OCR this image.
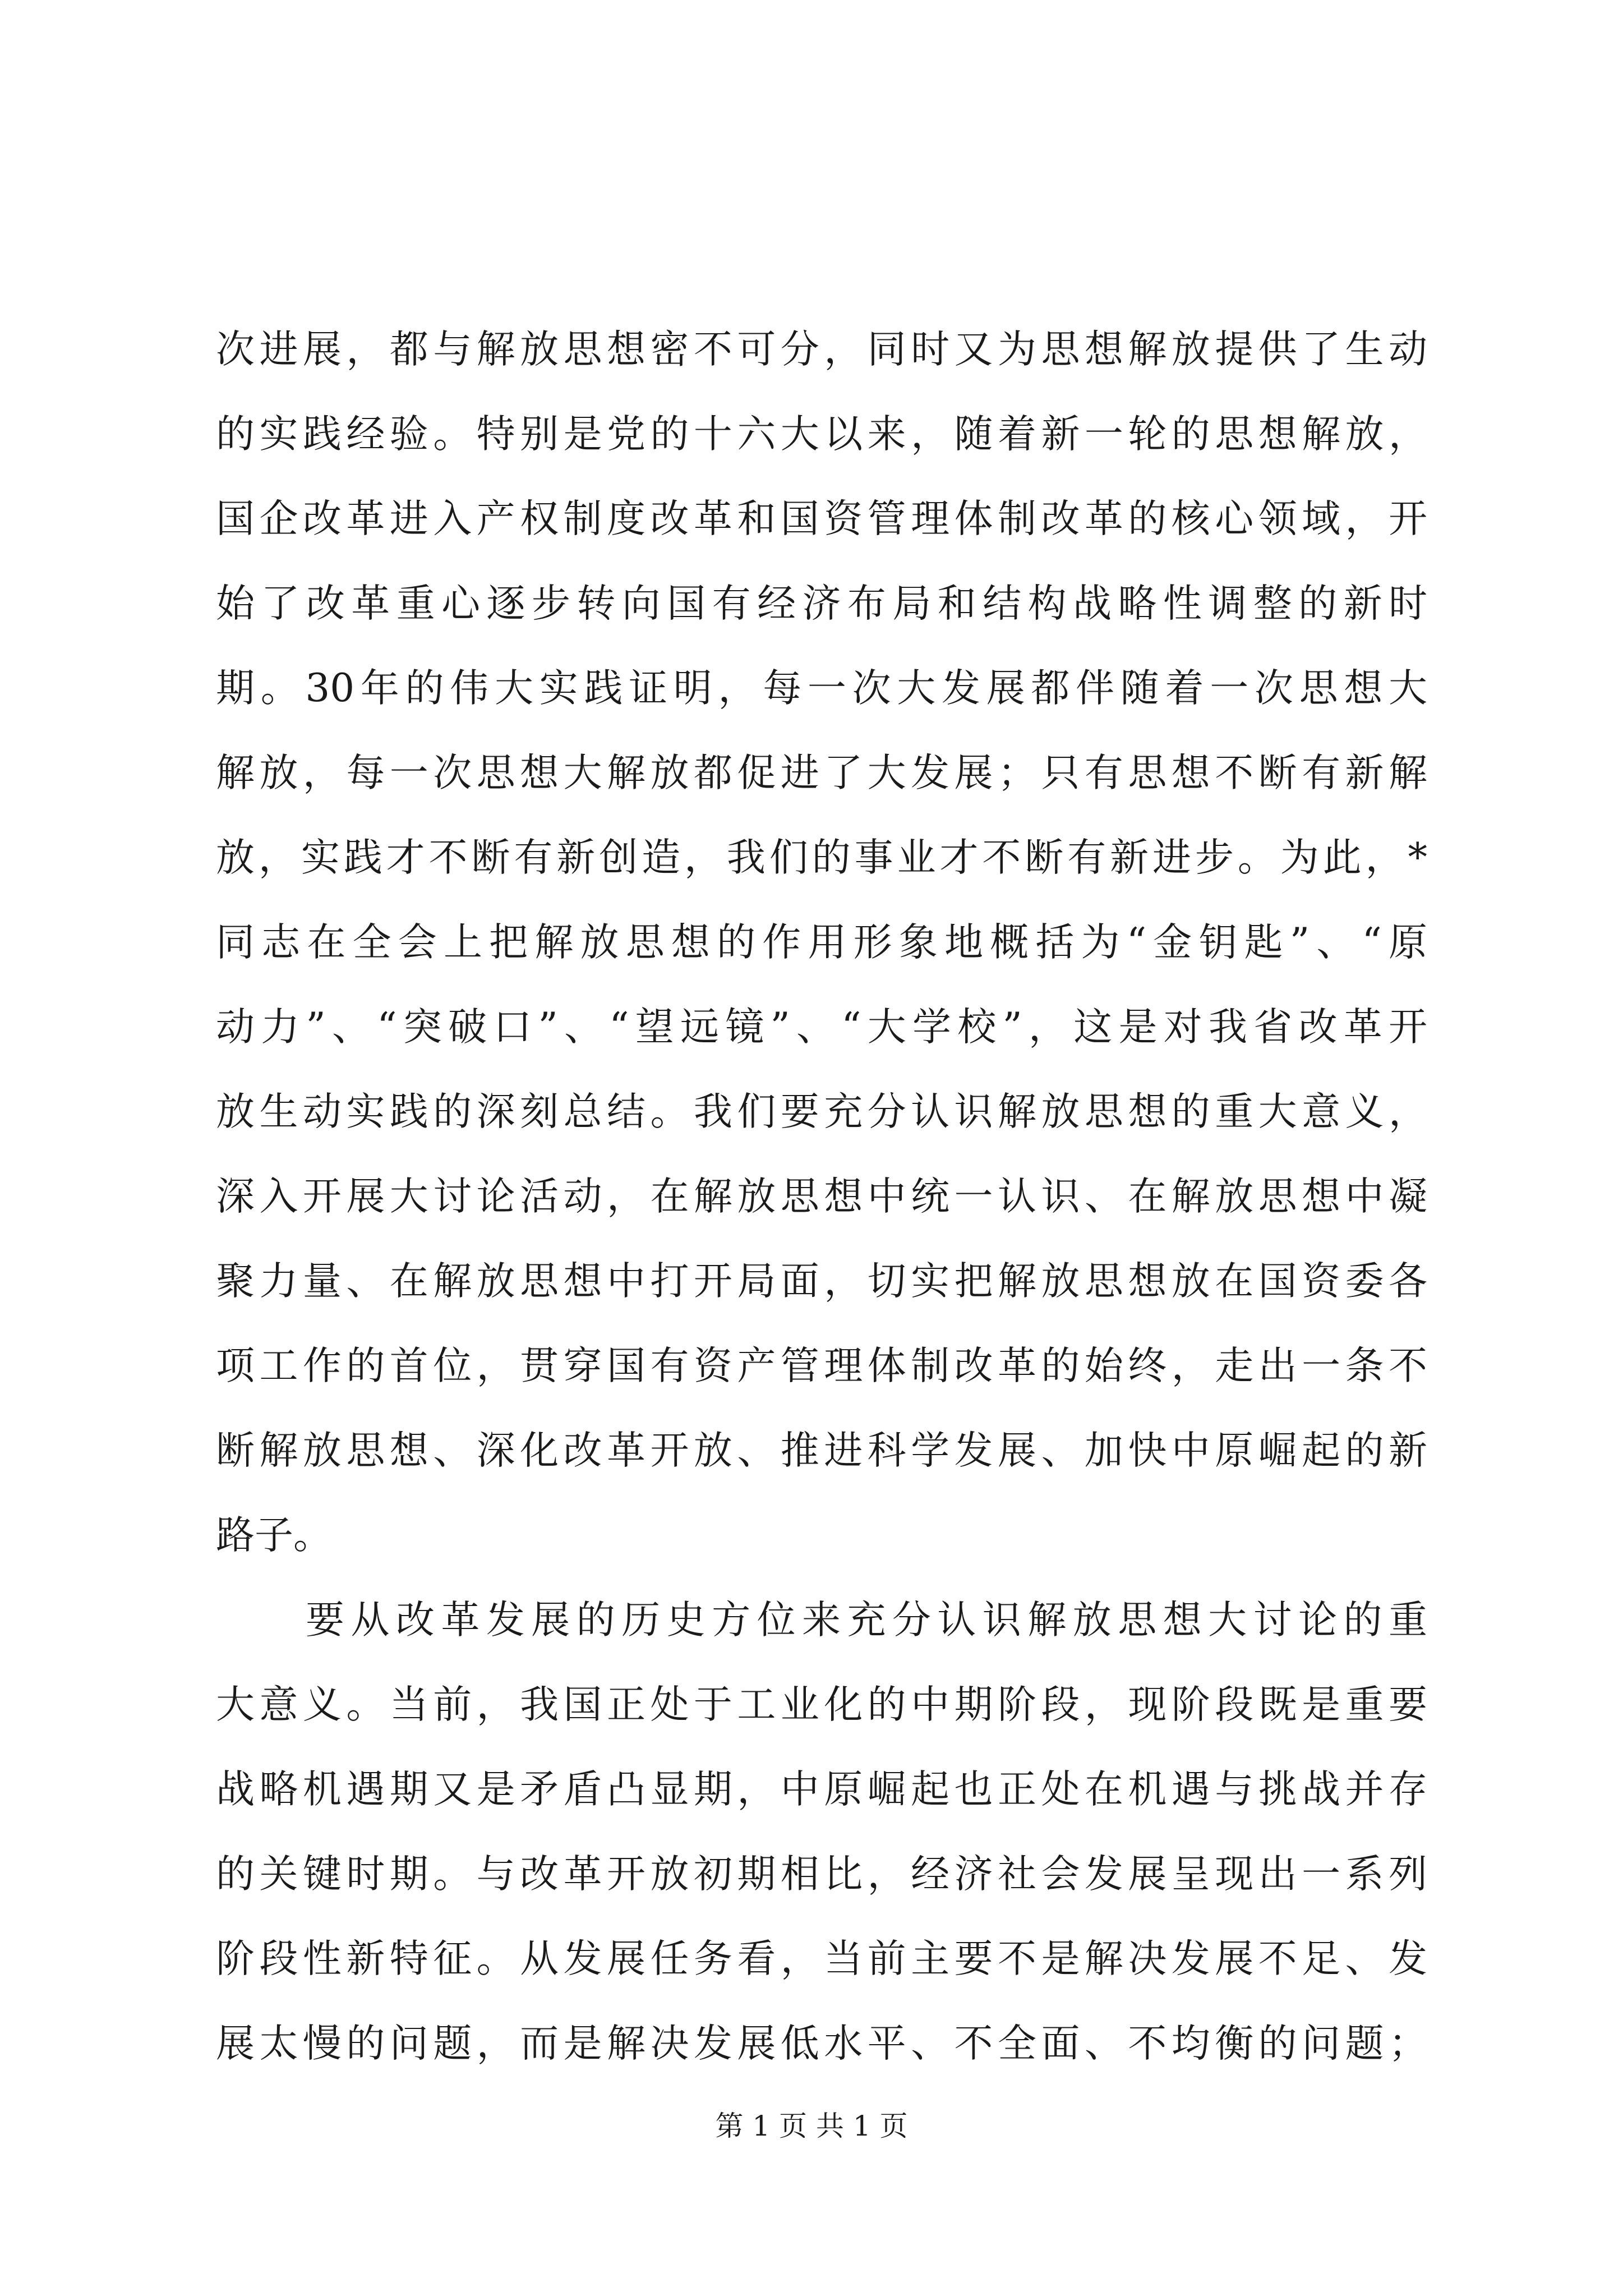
次进展，都与解放思想密不可分，同时又为思想解放提供了生动
的实践经验。特别是党的十六大以来，随着新一轮的思想解放，
国企改革进入产权制度改革和国资管理体制改革的核心领域，开
始了改革重心逐步转向国有经济布局和结构战略性调整的新时
期。30年的伟大实践证明，每一次大发展都伴随着一次思想大
解放，每一次思想大解放都促进了大发展；只有思想不断有新解
放，实践才不断有新创造，我们的事业才不断有新进步。为此，*
同志在全会上把解放思想的作用形象地概括为“金钥匙”、“原
动力”、“突破口”、“望远镜”、“大学校”，这是对我省改革开
放生动实践的深刻总结。我们要充分认识解放思想的重大意义，
深入开展大讨论活动，在解放思想中统一认识、在解放思想中凝
聚力量、在解放思想中打开局面，切实把解放思想放在国资委各
项工作的首位，贯穿国有资产管理体制改革的始终，走出一条不
断解放思想、深化改革开放、推进科学发展、加快中原崛起的新
路子。
要从改革发展的历史方位来充分认识解放思想大讨论的重
大意义。当前，我国正处于工业化的中期阶段，现阶段既是重要
战略机遇期又是矛盾凸显期，中原崛起也正处在机遇与挑战并存
的关键时期。与改革开放初期相比，经济社会发展呈现出一系列
阶段性新特征。从发展任务看，当前主要不是解决发展不足、发
展太慢的问题，而是解决发展低水平、不全面、不均衡的问题；
第 1 页 共 1 页
